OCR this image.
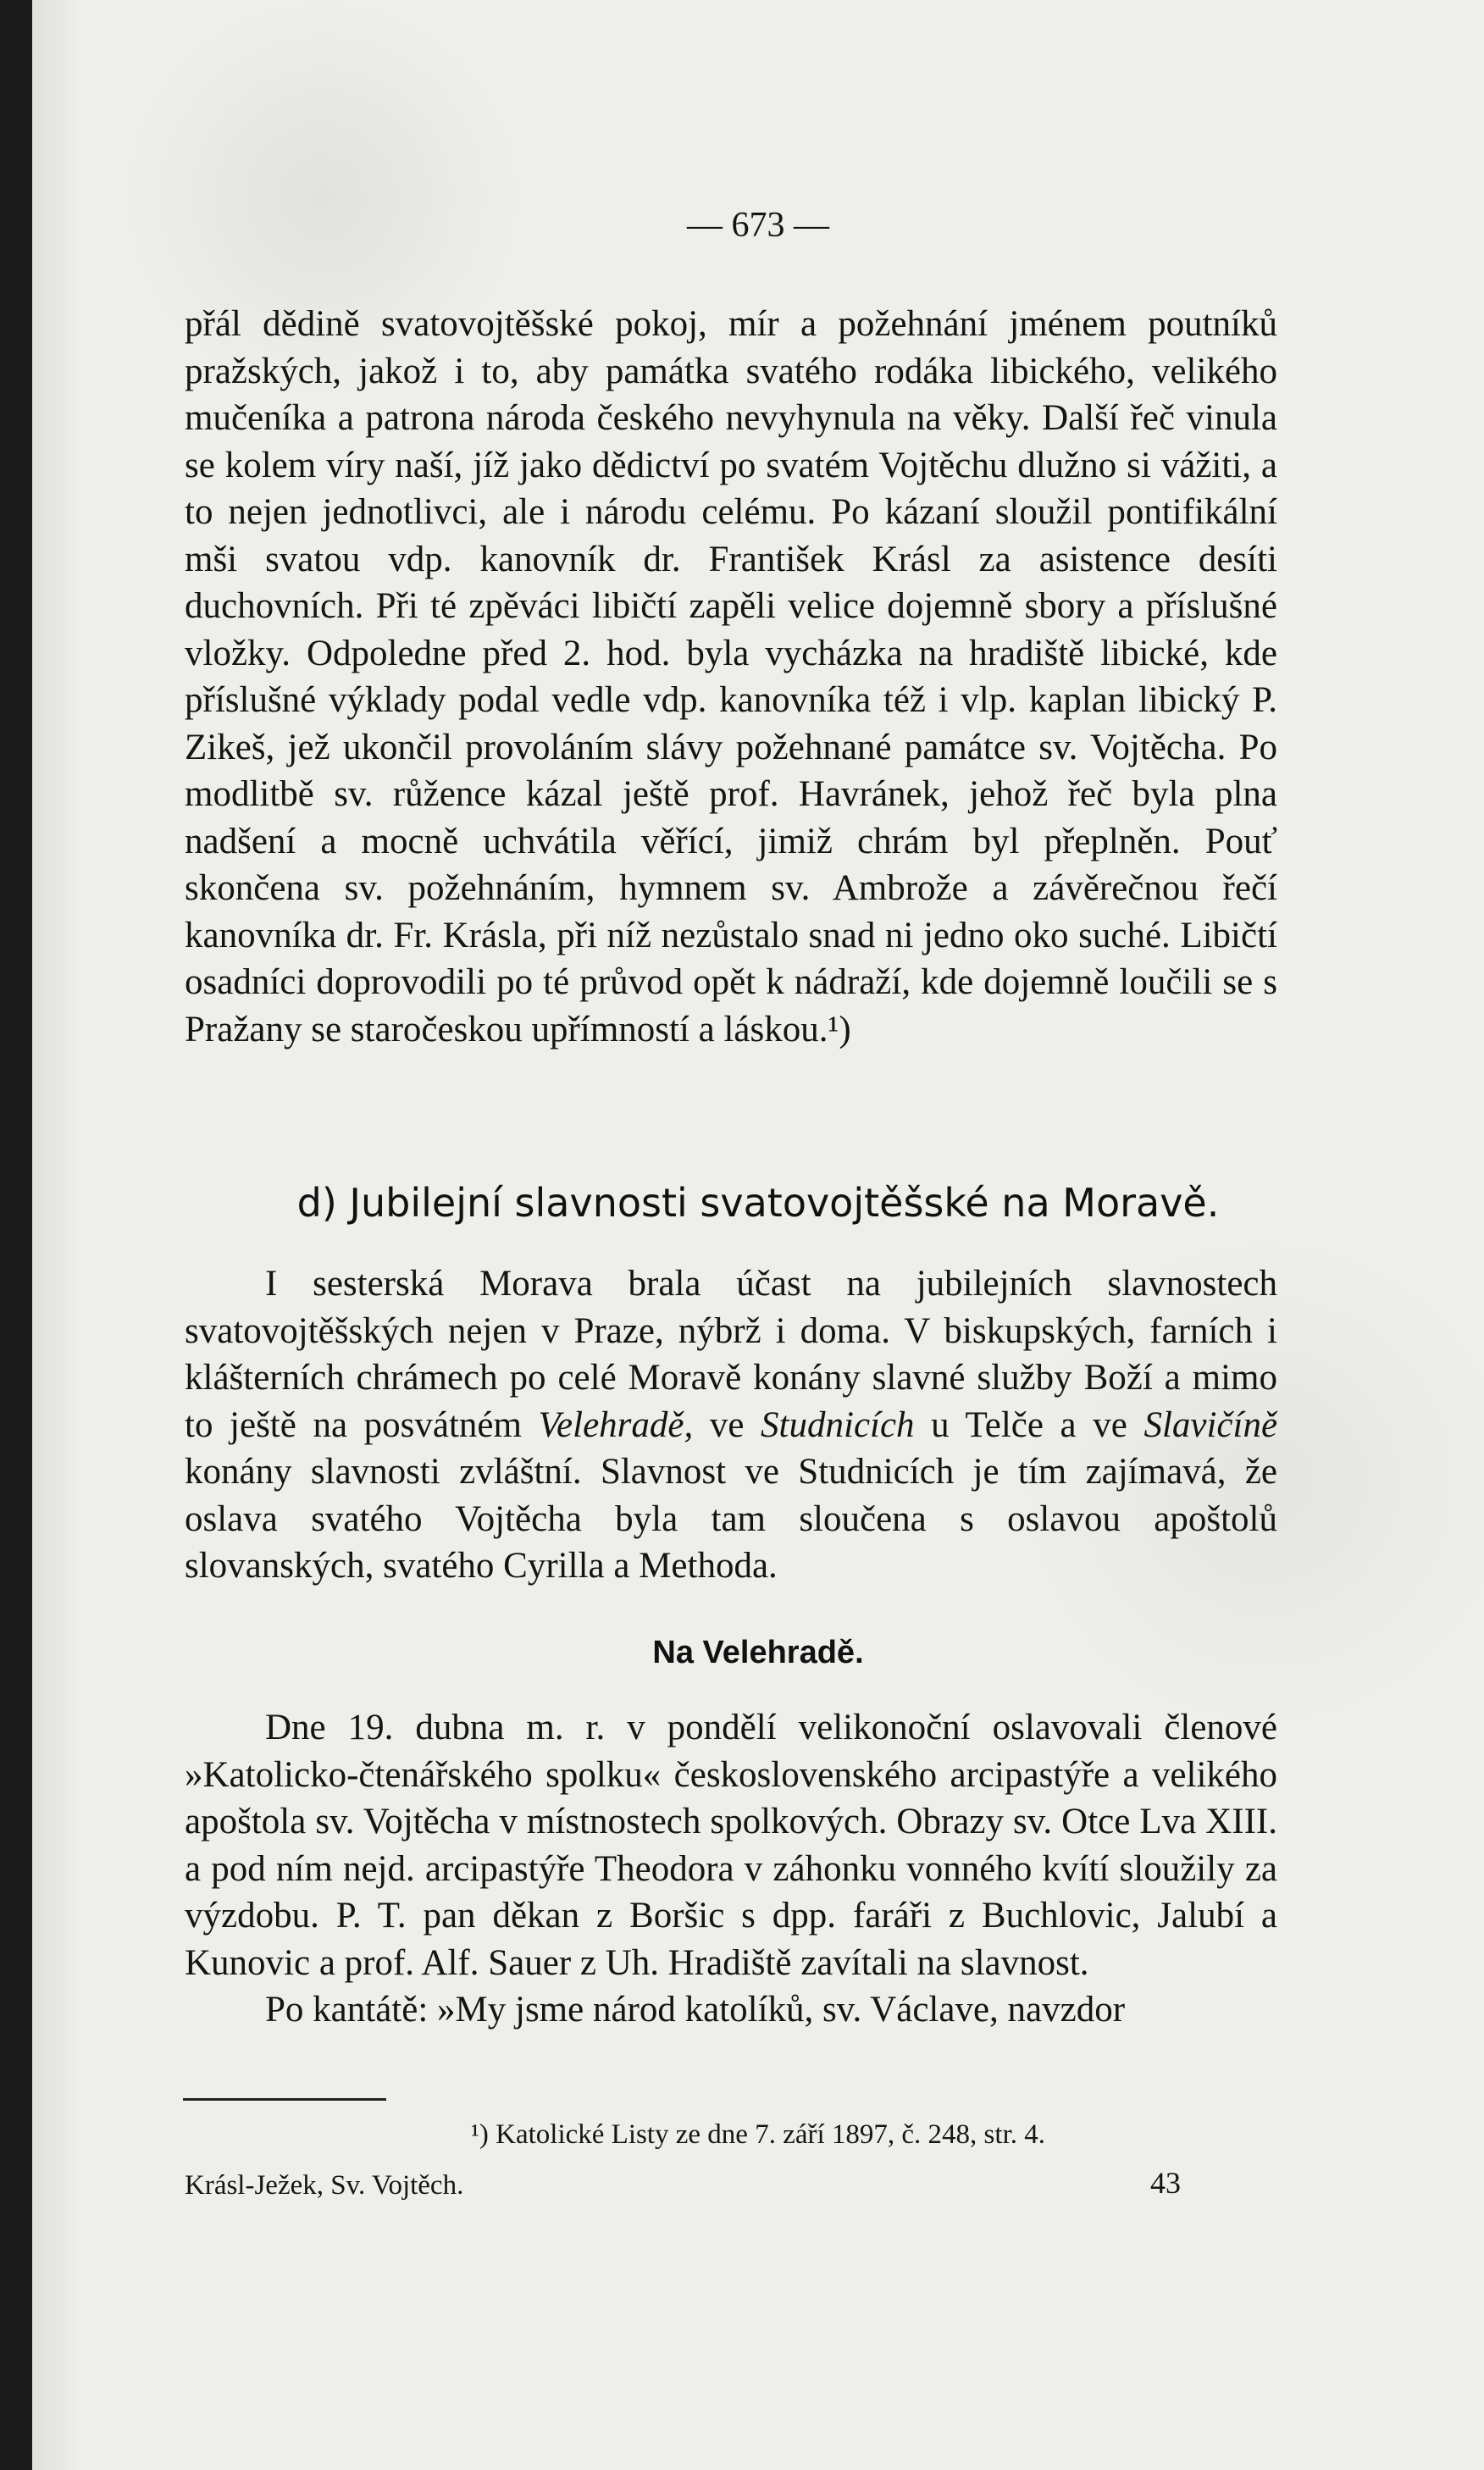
— 673 —

přál dědině svatovojtěšské pokoj, mír a požehnání jménem poutníků pražských, jakož i to, aby památka svatého rodáka libického, velikého mučeníka a patrona národa českého nevyhynula na věky. Další řeč vinula se kolem víry naší, jíž jako dědictví po svatém Vojtěchu dlužno si vážiti, a to nejen jednotlivci, ale i národu celému. Po kázaní sloužil pontifikální mši svatou vdp. kanovník dr. František Krásl za asistence desíti duchovních. Při té zpěváci libičtí zapěli velice dojemně sbory a příslušné vložky. Odpoledne před 2. hod. byla vycházka na hradiště libické, kde příslušné výklady podal vedle vdp. kanovníka též i vlp. kaplan libický P. Zikeš, jež ukončil provoláním slávy požehnané památce sv. Vojtěcha. Po modlitbě sv. růžence kázal ještě prof. Havránek, jehož řeč byla plna nadšení a mocně uchvátila věřící, jimiž chrám byl přeplněn. Pouť skončena sv. požehnáním, hymnem sv. Ambrože a závěrečnou řečí kanovníka dr. Fr. Krásla, při níž nezůstalo snad ni jedno oko suché. Libičtí osadníci doprovodili po té průvod opět k nádraží, kde dojemně loučili se s Pražany se staročeskou upřímností a láskou.¹)

d) Jubilejní slavnosti svatovojtěšské na Moravě.

I sesterská Morava brala účast na jubilejních slavnostech svatovojtěšských nejen v Praze, nýbrž i doma. V biskupských, farních i klášterních chrámech po celé Moravě konány slavné služby Boží a mimo to ještě na posvátném Velehradě, ve Studnicích u Telče a ve Slavičíně konány slavnosti zvláštní. Slavnost ve Studnicích je tím zajímavá, že oslava svatého Vojtěcha byla tam sloučena s oslavou apoštolů slovanských, svatého Cyrilla a Methoda.

Na Velehradě.

Dne 19. dubna m. r. v pondělí velikonoční oslavovali členové »Katolicko-čtenářského spolku« československého arcipastýře a velikého apoštola sv. Vojtěcha v místnostech spolkových. Obrazy sv. Otce Lva XIII. a pod ním nejd. arcipastýře Theodora v záhonku vonného kvítí sloužily za výzdobu. P. T. pan děkan z Boršic s dpp. faráři z Buchlovic, Jalubí a Kunovic a prof. Alf. Sauer z Uh. Hradiště zavítali na slavnost.

Po kantátě: »My jsme národ katolíků, sv. Václave, navzdor

¹) Katolické Listy ze dne 7. září 1897, č. 248, str. 4.
Krásl-Ježek, Sv. Vojtěch.	43
